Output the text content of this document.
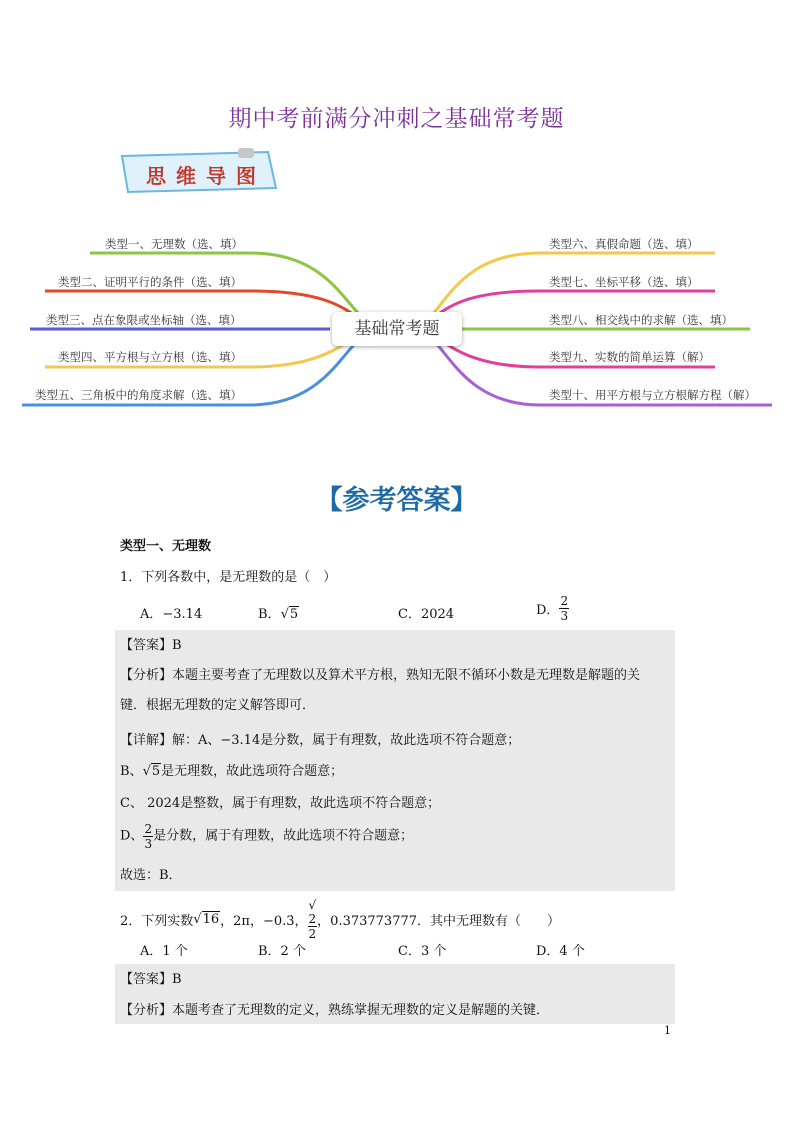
期中考前满分冲刺之基础常考题
思维导图
基础常考题
类型一、无理数（选、填）
类型二、证明平行的条件（选、填）
类型三、点在象限或坐标轴（选、填）
类型四、平方根与立方根（选、填）
类型五、三角板中的角度求解（选、填）
类型六、真假命题（选、填）
类型七、坐标平移（选、填）
类型八、相交线中的求解（选、填）
类型九、实数的简单运算（解）
类型十、用平方根与立方根解方程（解）
【参考答案】
类型一、无理数
1．下列各数中，是无理数的是（　）
A．−3.14	B．√5	C．2024	D． $\frac{2}{3}$
【答案】B
【分析】本题主要考查了无理数以及算术平方根，熟知无限不循环小数是无理数是解题的关
键．根据无理数的定义解答即可．
【详解】解：A、−3.14是分数，属于有理数，故此选项不符合题意；
B、√5是无理数，故此选项符合题意；
C、 2024是整数，属于有理数，故此选项不符合题意；
D、 $\frac{2}{3}$ 是分数，属于有理数，故此选项不符合题意；
故选：B．
2．下列实数√16，2π，−0.3̇， √
2
2 ，0.373773777．其中无理数有（　　）
A．1 个	B．2 个	C．3 个	D．4 个
【答案】B
【分析】本题考查了无理数的定义，熟练掌握无理数的定义是解题的关键．
1
